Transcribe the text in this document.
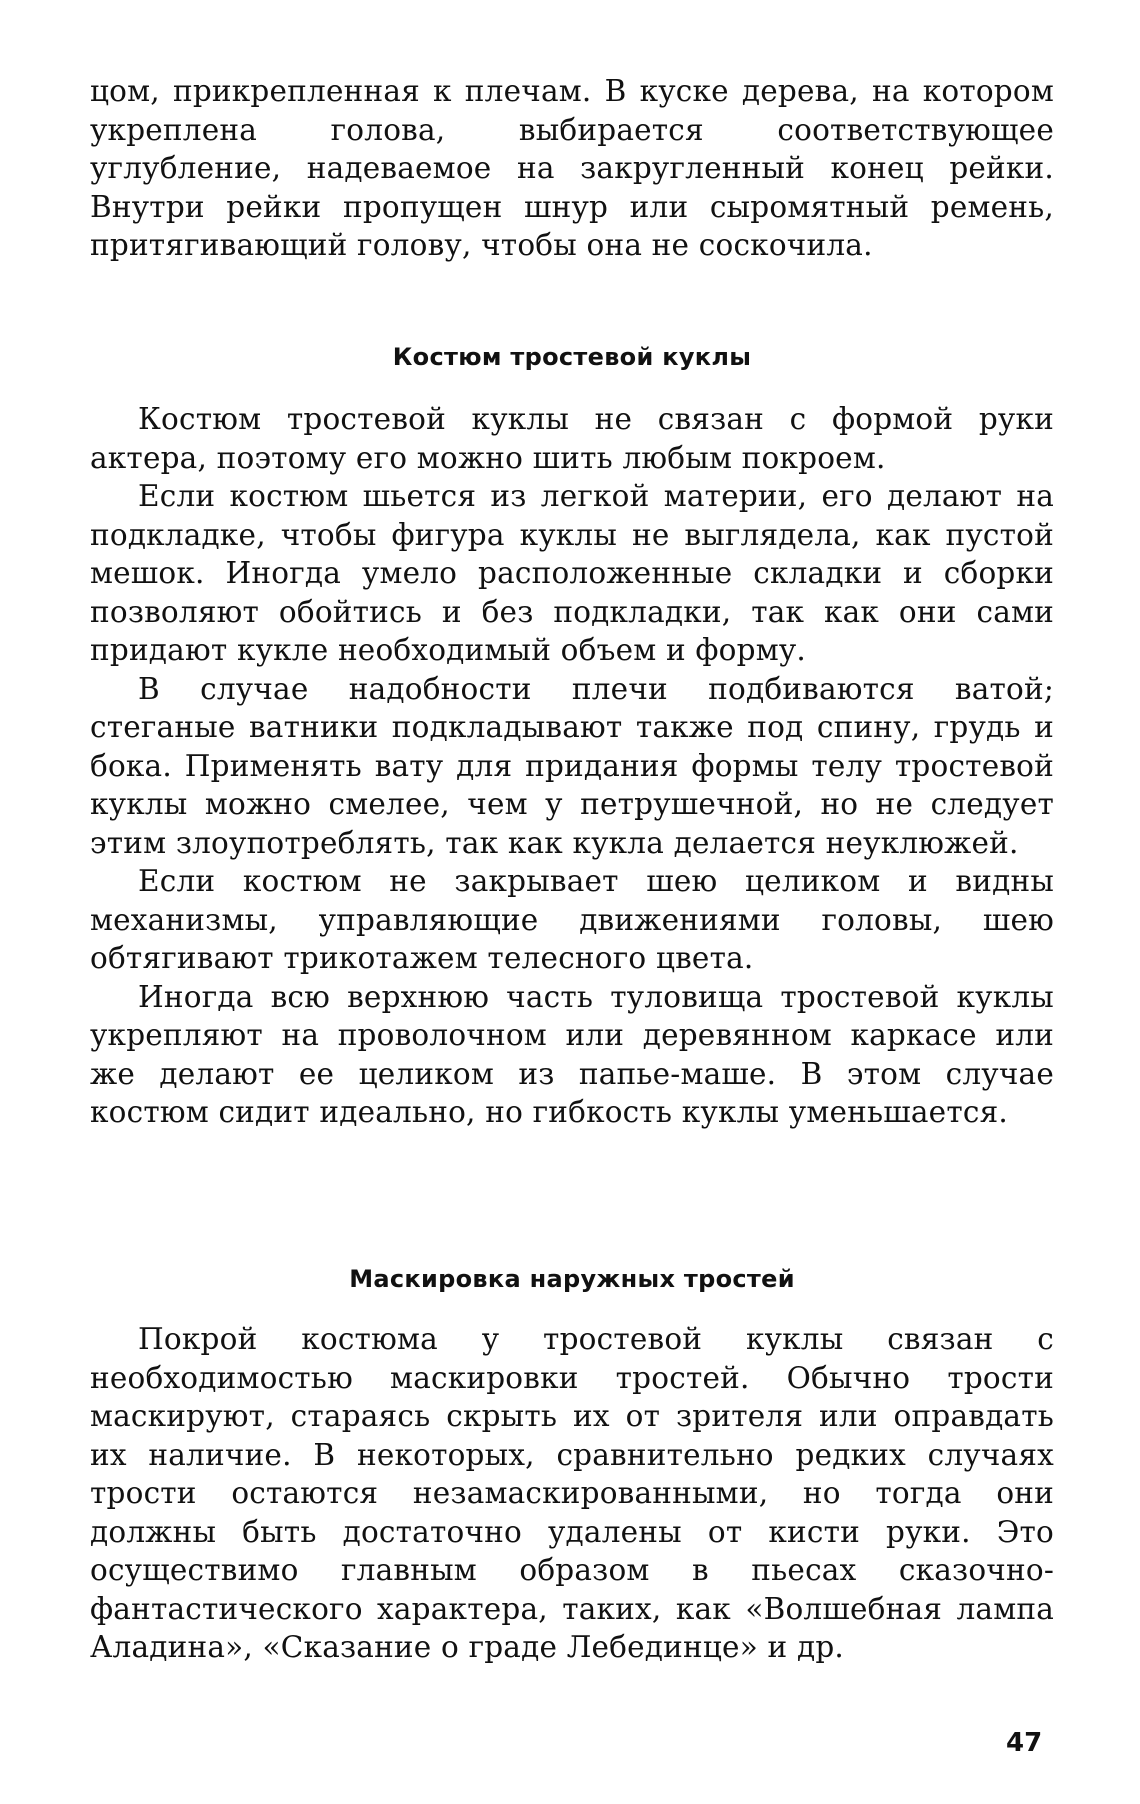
цом, прикрепленная к плечам. В куске дерева, на котором укреплена голова, выбирается соответствующее углубление, надеваемое на закругленный конец рейки. Внутри рейки пропущен шнур или сыромятный ремень, притягивающий голову, чтобы она не соскочила.

Костюм тростевой куклы

Костюм тростевой куклы не связан с формой руки актера, поэтому его можно шить любым покроем.

Если костюм шьется из легкой материи, его делают на подкладке, чтобы фигура куклы не выглядела, как пустой мешок. Иногда умело расположенные складки и сборки позволяют обойтись и без подкладки, так как они сами придают кукле необходимый объем и форму.

В случае надобности плечи подбиваются ватой; стеганые ватники подкладывают также под спину, грудь и бока. Применять вату для придания формы телу тростевой куклы можно смелее, чем у петрушечной, но не следует этим злоупотреблять, так как кукла делается неуклюжей.

Если костюм не закрывает шею целиком и видны механизмы, управляющие движениями головы, шею обтягивают трикотажем телесного цвета.

Иногда всю верхнюю часть туловища тростевой куклы укрепляют на проволочном или деревянном каркасе или же делают ее целиком из папье-маше. В этом случае костюм сидит идеально, но гибкость куклы уменьшается.

Маскировка наружных тростей

Покрой костюма у тростевой куклы связан с необходимостью маскировки тростей. Обычно трости маскируют, стараясь скрыть их от зрителя или оправдать их наличие. В некоторых, сравнительно редких случаях трости остаются незамаскированными, но тогда они должны быть достаточно удалены от кисти руки. Это осуществимо главным образом в пьесах сказочно-фантастического характера, таких, как «Волшебная лампа Аладина», «Сказание о граде Лебединце» и др.

47
